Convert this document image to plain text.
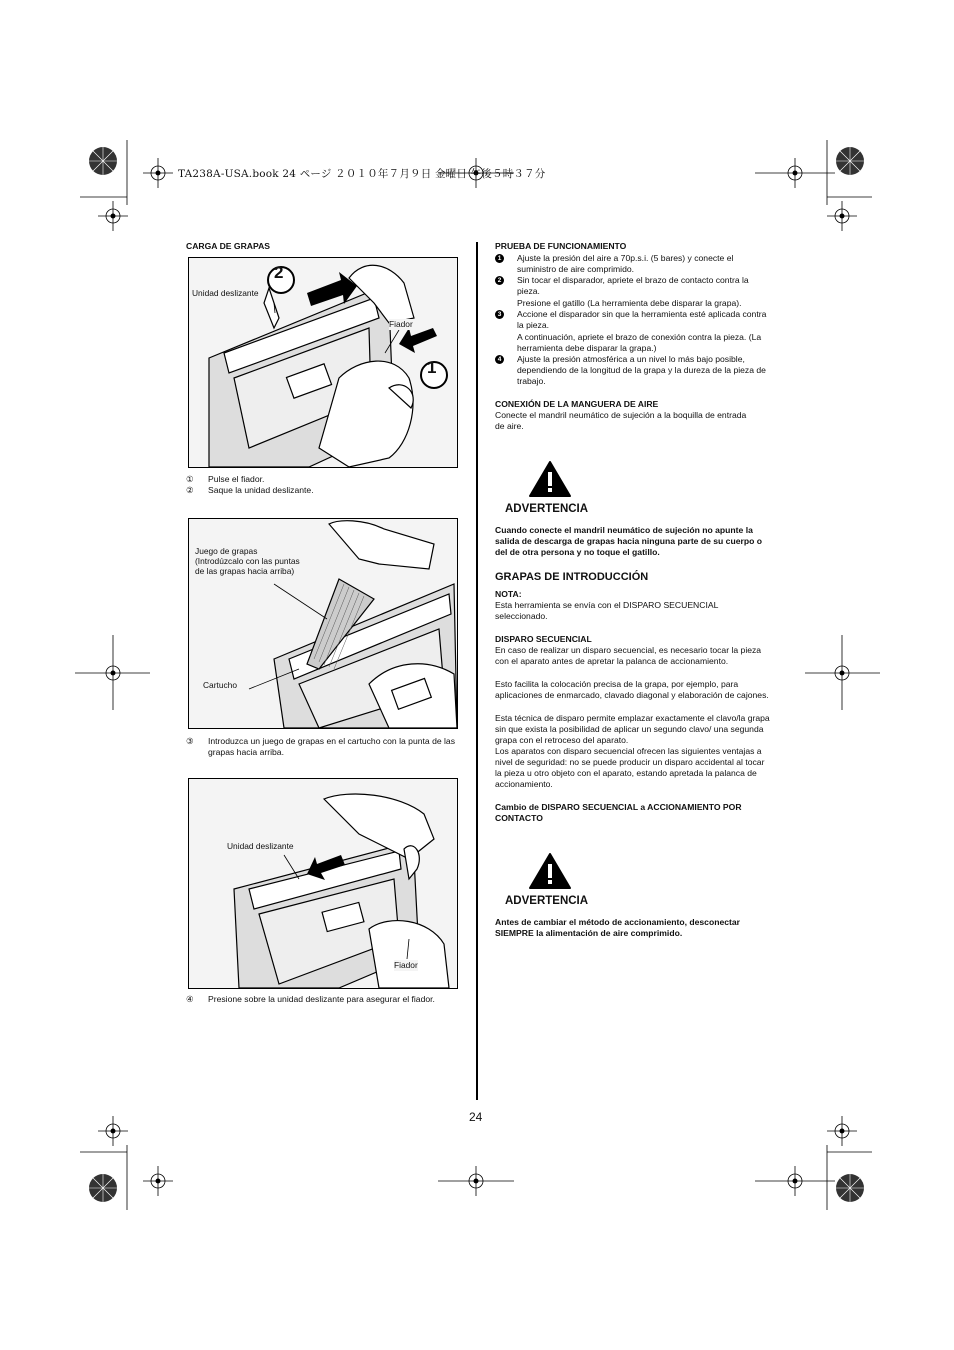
TA238A-USA.book 24 ページ ２０１０年７月９日 金曜日 午後５時３７分
CARGA DE GRAPAS
2
1
Unidad deslizante
Fiador
①	Pulse el fiador.
②	Saque la unidad deslizante.
Juego de grapas
(Introdúzcalo con las puntas
de las grapas hacia arriba)
Cartucho
③	Introduzca un juego de grapas en el cartucho con la punta de las grapas hacia arriba.
Unidad deslizante
Fiador
④	Presione sobre la unidad deslizante para asegurar el fiador.
PRUEBA DE FUNCIONAMIENTO
1	Ajuste la presión del aire a 70p.s.i. (5 bares) y conecte el suministro de aire comprimido.
2	Sin tocar el disparador, apriete el brazo de contacto contra la pieza.
Presione el gatillo (La herramienta debe disparar la grapa).
3	Accione el disparador sin que la herramienta esté aplicada contra la pieza.
A continuación, apriete el brazo de conexión contra la pieza. (La herramienta debe disparar la grapa.)
4	Ajuste la presión atmosférica a un nivel lo más bajo posible, dependiendo de la longitud de la grapa y la dureza de la pieza de trabajo.
CONEXIÓN DE LA MANGUERA DE AIRE
Conecte el mandril neumático de sujeción a la boquilla de entrada de aire.
ADVERTENCIA
Cuando conecte el mandril neumático de sujeción no apunte la salida de descarga de grapas hacia ninguna parte de su cuerpo o del de otra persona y no toque el gatillo.
GRAPAS DE INTRODUCCIÓN
NOTA:
Esta herramienta se envía con el DISPARO SECUENCIAL seleccionado.
DISPARO SECUENCIAL
En caso de realizar un disparo secuencial, es necesario tocar la pieza con el aparato antes de apretar la palanca de accionamiento.
Esto facilita la colocación precisa de la grapa, por ejemplo, para aplicaciones de enmarcado, clavado diagonal y elaboración de cajones.
Esta técnica de disparo permite emplazar exactamente el clavo/la grapa sin que exista la posibilidad de aplicar un segundo clavo/ una segunda grapa con el retroceso del aparato.
Los aparatos con disparo secuencial ofrecen las siguientes ventajas a nivel de seguridad: no se puede producir un disparo accidental al tocar la pieza u otro objeto con el aparato, estando apretada la palanca de accionamiento.
Cambio de DISPARO SECUENCIAL a ACCIONAMIENTO POR CONTACTO
ADVERTENCIA
Antes de cambiar el método de accionamiento, desconectar SIEMPRE la alimentación de aire comprimido.
24
